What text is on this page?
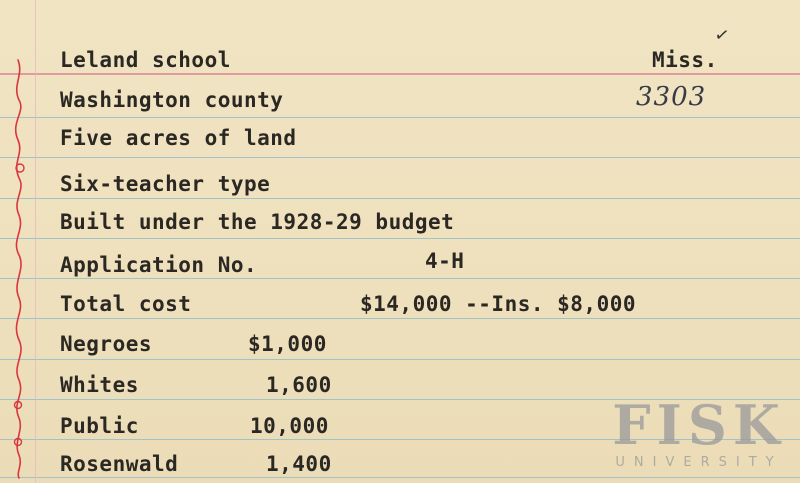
Leland school	Miss.
✓
3303
Washington county
Five acres of land
Six-teacher type
Built under the 1928-29 budget
Application No.	4-H
Total cost	$14,000 --Ins. $8,000
Negroes	$1,000
Whites	1,600
Public	10,000
Rosenwald	1,400
FISK
UNIVERSITY
